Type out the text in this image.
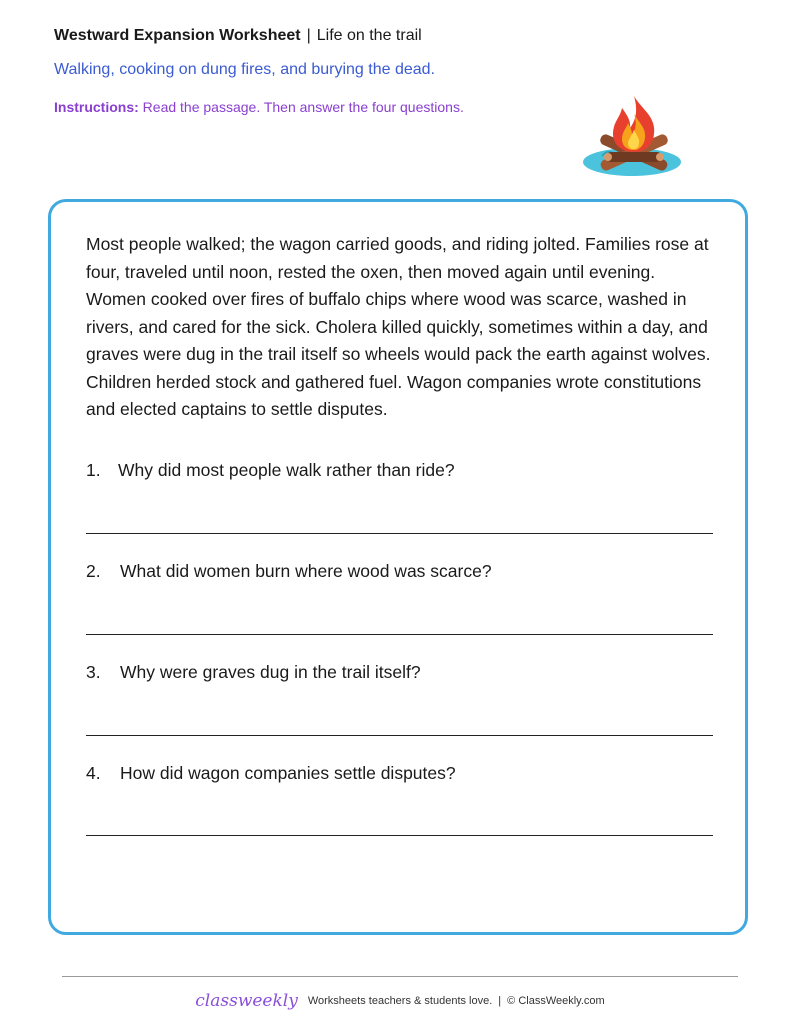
Westward Expansion Worksheet | Life on the trail
Walking, cooking on dung fires, and burying the dead.
Instructions: Read the passage. Then answer the four questions.

Most people walked; the wagon carried goods, and riding jolted. Families rose at four, traveled until noon, rested the oxen, then moved again until evening. Women cooked over fires of buffalo chips where wood was scarce, washed in rivers, and cared for the sick. Cholera killed quickly, sometimes within a day, and graves were dug in the trail itself so wheels would pack the earth against wolves. Children herded stock and gathered fuel. Wagon companies wrote constitutions and elected captains to settle disputes.

1. Why did most people walk rather than ride?
2. What did women burn where wood was scarce?
3. Why were graves dug in the trail itself?
4. How did wagon companies settle disputes?
classweekly Worksheets teachers & students love. | © ClassWeekly.com
